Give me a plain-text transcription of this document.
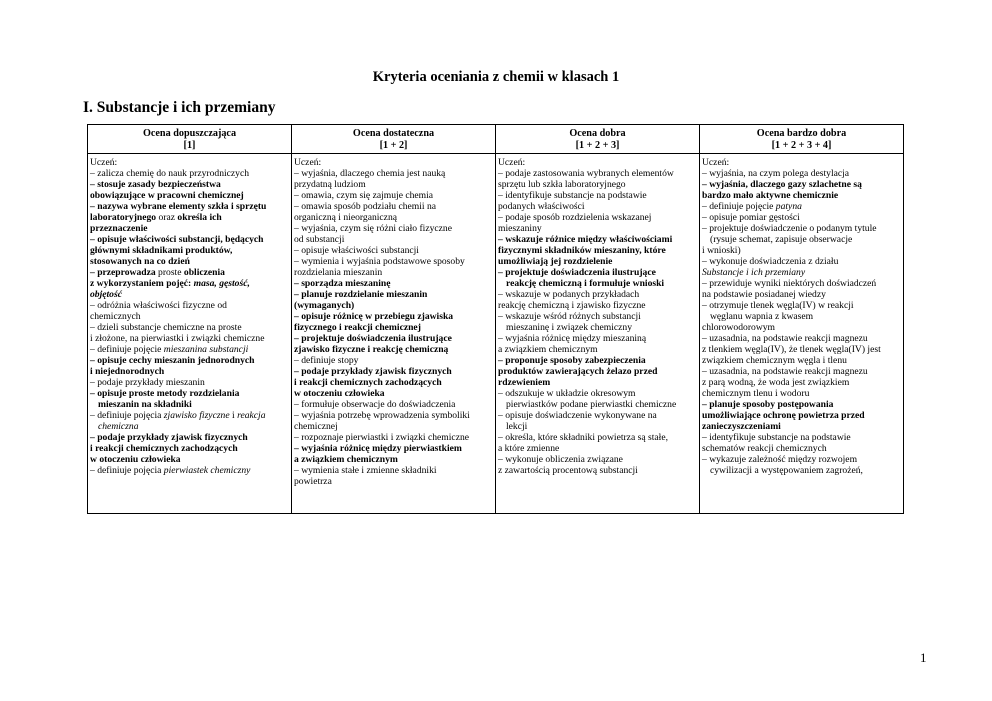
Kryteria oceniania z chemii w klasach 1
I. Substancje i ich przemiany
Ocena dopuszczająca
[1]
Ocena dostateczna
[1 + 2]
Ocena dobra
[1 + 2 + 3]
Ocena bardzo dobra
[1 + 2 + 3 + 4]
Uczeń:
– zalicza chemię do nauk przyrodniczych
– stosuje zasady bezpieczeństwa
obowiązujące w pracowni chemicznej
– nazywa wybrane elementy szkła i sprzętu
laboratoryjnego oraz określa ich
przeznaczenie
– opisuje właściwości substancji, będących
głównymi składnikami produktów,
stosowanych na co dzień
– przeprowadza proste obliczenia
z wykorzystaniem pojęć: masa, gęstość,
objętość
– odróżnia właściwości fizyczne od
chemicznych
– dzieli substancje chemiczne na proste
i złożone, na pierwiastki i związki chemiczne
– definiuje pojęcie mieszanina substancji
– opisuje cechy mieszanin jednorodnych
i niejednorodnych
– podaje przykłady mieszanin
– opisuje proste metody rozdzielania
mieszanin na składniki
– definiuje pojęcia zjawisko fizyczne i reakcja
chemiczna
– podaje przykłady zjawisk fizycznych
i reakcji chemicznych zachodzących
w otoczeniu człowieka
– definiuje pojęcia pierwiastek chemiczny
Uczeń:
– wyjaśnia, dlaczego chemia jest nauką
przydatną ludziom
– omawia, czym się zajmuje chemia
– omawia sposób podziału chemii na
organiczną i nieorganiczną
– wyjaśnia, czym się różni ciało fizyczne
od substancji
– opisuje właściwości substancji
– wymienia i wyjaśnia podstawowe sposoby
rozdzielania mieszanin
– sporządza mieszaninę
– planuje rozdzielanie mieszanin
(wymaganych)
– opisuje różnicę w przebiegu zjawiska
fizycznego i reakcji chemicznej
– projektuje doświadczenia ilustrujące
zjawisko fizyczne i reakcję chemiczną
– definiuje stopy
– podaje przykłady zjawisk fizycznych
i reakcji chemicznych zachodzących
w otoczeniu człowieka
– formułuje obserwacje do doświadczenia
– wyjaśnia potrzebę wprowadzenia symboliki
chemicznej
– rozpoznaje pierwiastki i związki chemiczne
– wyjaśnia różnicę między pierwiastkiem
a związkiem chemicznym
– wymienia stałe i zmienne składniki
powietrza
Uczeń:
– podaje zastosowania wybranych elementów
sprzętu lub szkła laboratoryjnego
– identyfikuje substancje na podstawie
podanych właściwości
– podaje sposób rozdzielenia wskazanej
mieszaniny
– wskazuje różnice między właściwościami
fizycznymi składników mieszaniny, które
umożliwiają jej rozdzielenie
– projektuje doświadczenia ilustrujące
reakcję chemiczną i formułuje wnioski
– wskazuje w podanych przykładach
reakcję chemiczną i zjawisko fizyczne
– wskazuje wśród różnych substancji
mieszaninę i związek chemiczny
– wyjaśnia różnicę między mieszaniną
a związkiem chemicznym
– proponuje sposoby zabezpieczenia
produktów zawierających żelazo przed
rdzewieniem
– odszukuje w układzie okresowym
pierwiastków podane pierwiastki chemiczne
– opisuje doświadczenie wykonywane na
lekcji
– określa, które składniki powietrza są stałe,
a które zmienne
– wykonuje obliczenia związane
z zawartością procentową substancji
Uczeń:
– wyjaśnia, na czym polega destylacja
– wyjaśnia, dlaczego gazy szlachetne są
bardzo mało aktywne chemicznie
– definiuje pojęcie patyna
– opisuje pomiar gęstości
– projektuje doświadczenie o podanym tytule
(rysuje schemat, zapisuje obserwacje
i wnioski)
– wykonuje doświadczenia z działu
Substancje i ich przemiany
– przewiduje wyniki niektórych doświadczeń
na podstawie posiadanej wiedzy
– otrzymuje tlenek węgla(IV) w reakcji
węglanu wapnia z kwasem
chlorowodorowym
– uzasadnia, na podstawie reakcji magnezu
z tlenkiem węgla(IV), że tlenek węgla(IV) jest
związkiem chemicznym węgla i tlenu
– uzasadnia, na podstawie reakcji magnezu
z parą wodną, że woda jest związkiem
chemicznym tlenu i wodoru
– planuje sposoby postępowania
umożliwiające ochronę powietrza przed
zanieczyszczeniami
– identyfikuje substancje na podstawie
schematów reakcji chemicznych
– wykazuje zależność między rozwojem
cywilizacji a występowaniem zagrożeń,
1
